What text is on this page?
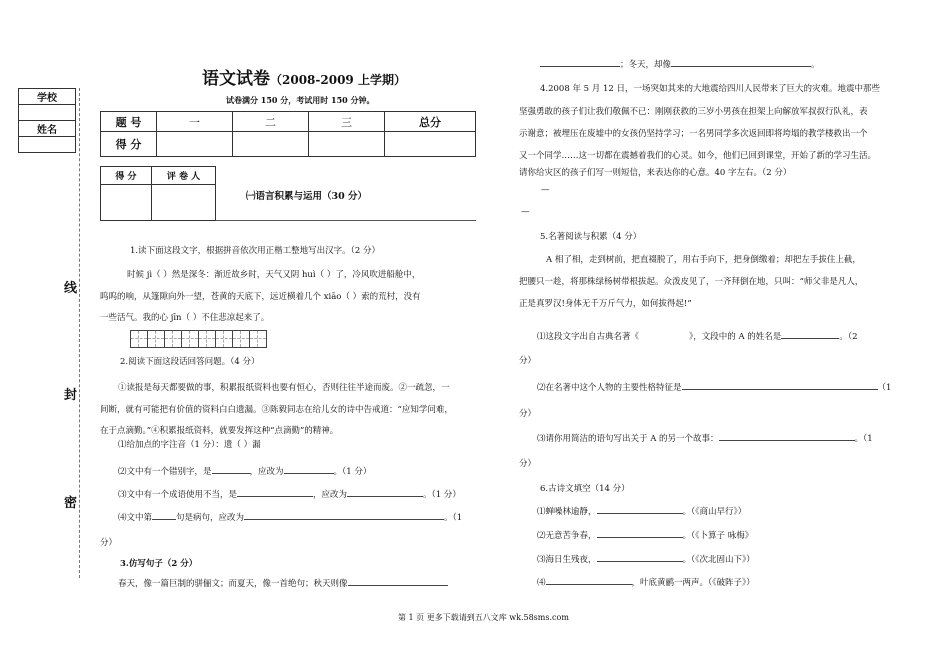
学校

姓名

线
封
密
语文试卷（2008-2009 上学期）
试卷满分 150 分，考试用时 150 分钟。
题 号	一	二	三	总分
得 分				
得 分	评 卷 人

㈠语言积累与运用（30 分）
1.读下面这段文字，根据拼音依次用正楷工整地写出汉字。（2 分）
时候 jì（ ）然是深冬：渐近故乡时，天气又阴 huì（ ）了，冷风吹进船舱中，
呜呜的响，从篷隙向外一望，苍黄的天底下，远近横着几个 xiāo（ ）索的荒村，没有
一些活气。我的心 jīn（ ）不住悲凉起来了。
2.阅读下面这段话回答问题。（4 分）
①读报是每天都要做的事，积累报纸资料也要有恒心，否则往往半途而废。②一疏忽，一
间断，就有可能把有价值的资料白白遗漏。③陈毅同志在给儿女的诗中告戒道：“应知学问难，
在于点滴勤。”④积累报纸资料，就要发挥这种“点滴勤”的精神。
⑴给加点的字注音（1 分）：遗（ ）漏
⑵文中有一个错别字，是	，应改为	。（1 分）
⑶文中有一个成语使用不当，是	，应改为	。（1 分）
⑷文中第	句是病句，应改为	。（1
分）
3.仿写句子（2 分）
春天，像一篇巨制的骈俪文；而夏天，像一首绝句；秋天则像
；冬天，却像	。
4.2008 年 5 月 12 日，一场突如其来的大地震给四川人民带来了巨大的灾难。地震中那些
坚强勇敢的孩子们让我们敬佩不已：刚刚获救的三岁小男孩在担架上向解放军叔叔行队礼，表
示谢意；被埋压在废墟中的女孩仍坚持学习；一名男同学多次返回即将垮塌的教学楼救出一个
又一个同学……这一切都在震撼着我们的心灵。如今，他们已回到课堂，开始了新的学习生活。
请你给灾区的孩子们写一则短信，来表达你的心意。40 字左右。（2 分）
—
—
5.名著阅读与积累（4 分）
A 相了相，走到树前，把直裰脱了，用右手向下，把身倒缴着；却把左手拔住上截，
把腰只一趁，将那株绿杨树带根拔起。众泼皮见了，一齐拜倒在地，只叫：“师父非是凡人，
正是真罗汉!身体无千万斤气力，如何拔得起!”
⑴这段文字出自古典名著《	》，文段中的 A 的姓名是	。（2
分）
⑵在名著中这个人物的主要性格特征是	（1
分）
⑶请你用简洁的语句写出关于 A 的另一个故事：	。（1
分）
6.古诗文填空（14 分）
⑴蝉噪林逾静，	。（《商山早行》）
⑵无意苦争春，	。（《卜算子 咏梅》
⑶海日生残夜，	。（《次北固山下》）
⑷	，叶底黄鹂一两声。（《破阵子》）
第 1 页 更多下载请到五八文库 wk.58sms.com
